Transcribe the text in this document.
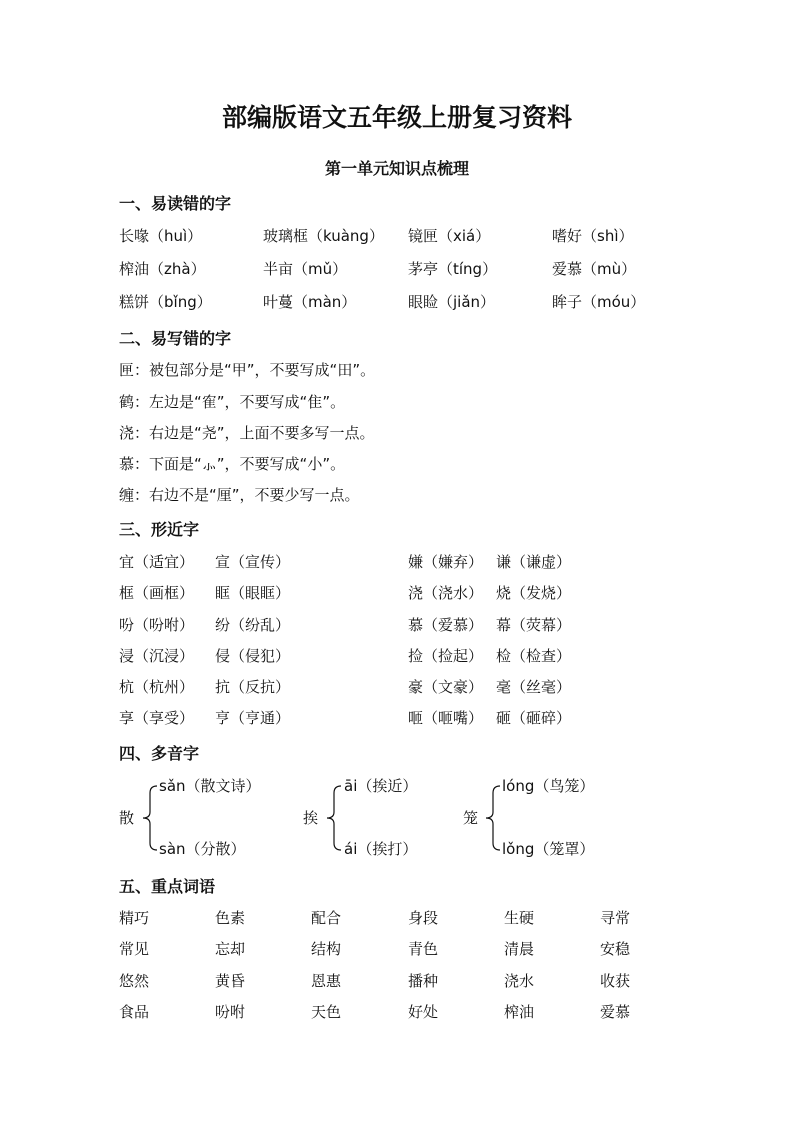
部编版语文五年级上册复习资料
第一单元知识点梳理
一、易读错的字
长喙（huì）	玻璃框（kuàng） 镜匣（xiá）	嗜好（shì）
榨油（zhà）	半亩（mǔ）	茅亭（tíng）	爱慕（mù）
糕饼（bǐng）	叶蔓（màn）	眼睑（jiǎn）	眸子（móu）
二、易写错的字
匣：被包部分是“甲”，不要写成“田”。
鹤：左边是“隺”，不要写成“隹”。
浇：右边是“尧”，上面不要多写一点。
慕：下面是“⺗”，不要写成“小”。
缠：右边不是“厘”，不要少写一点。
三、形近字
宜（适宜） 宣（宣传）	嫌（嫌弃） 谦（谦虚）
框（画框） 眶（眼眶）	浇（浇水） 烧（发烧）
吩（吩咐） 纷（纷乱）	慕（爱慕） 幕（荧幕）
浸（沉浸） 侵（侵犯）	捡（捡起） 检（检查）
杭（杭州） 抗（反抗）	豪（文豪） 毫（丝毫）
享（享受） 亨（亨通）	咂（咂嘴） 砸（砸碎）
四、多音字
散
sǎn（散文诗）
sàn（分散）
挨
āi（挨近）
ái（挨打）
笼
lóng（鸟笼）
lǒng（笼罩）
五、重点词语
精巧	色素	配合	身段	生硬	寻常
常见	忘却	结构	青色	清晨	安稳
悠然	黄昏	恩惠	播种	浇水	收获
食品	吩咐	天色	好处	榨油	爱慕
